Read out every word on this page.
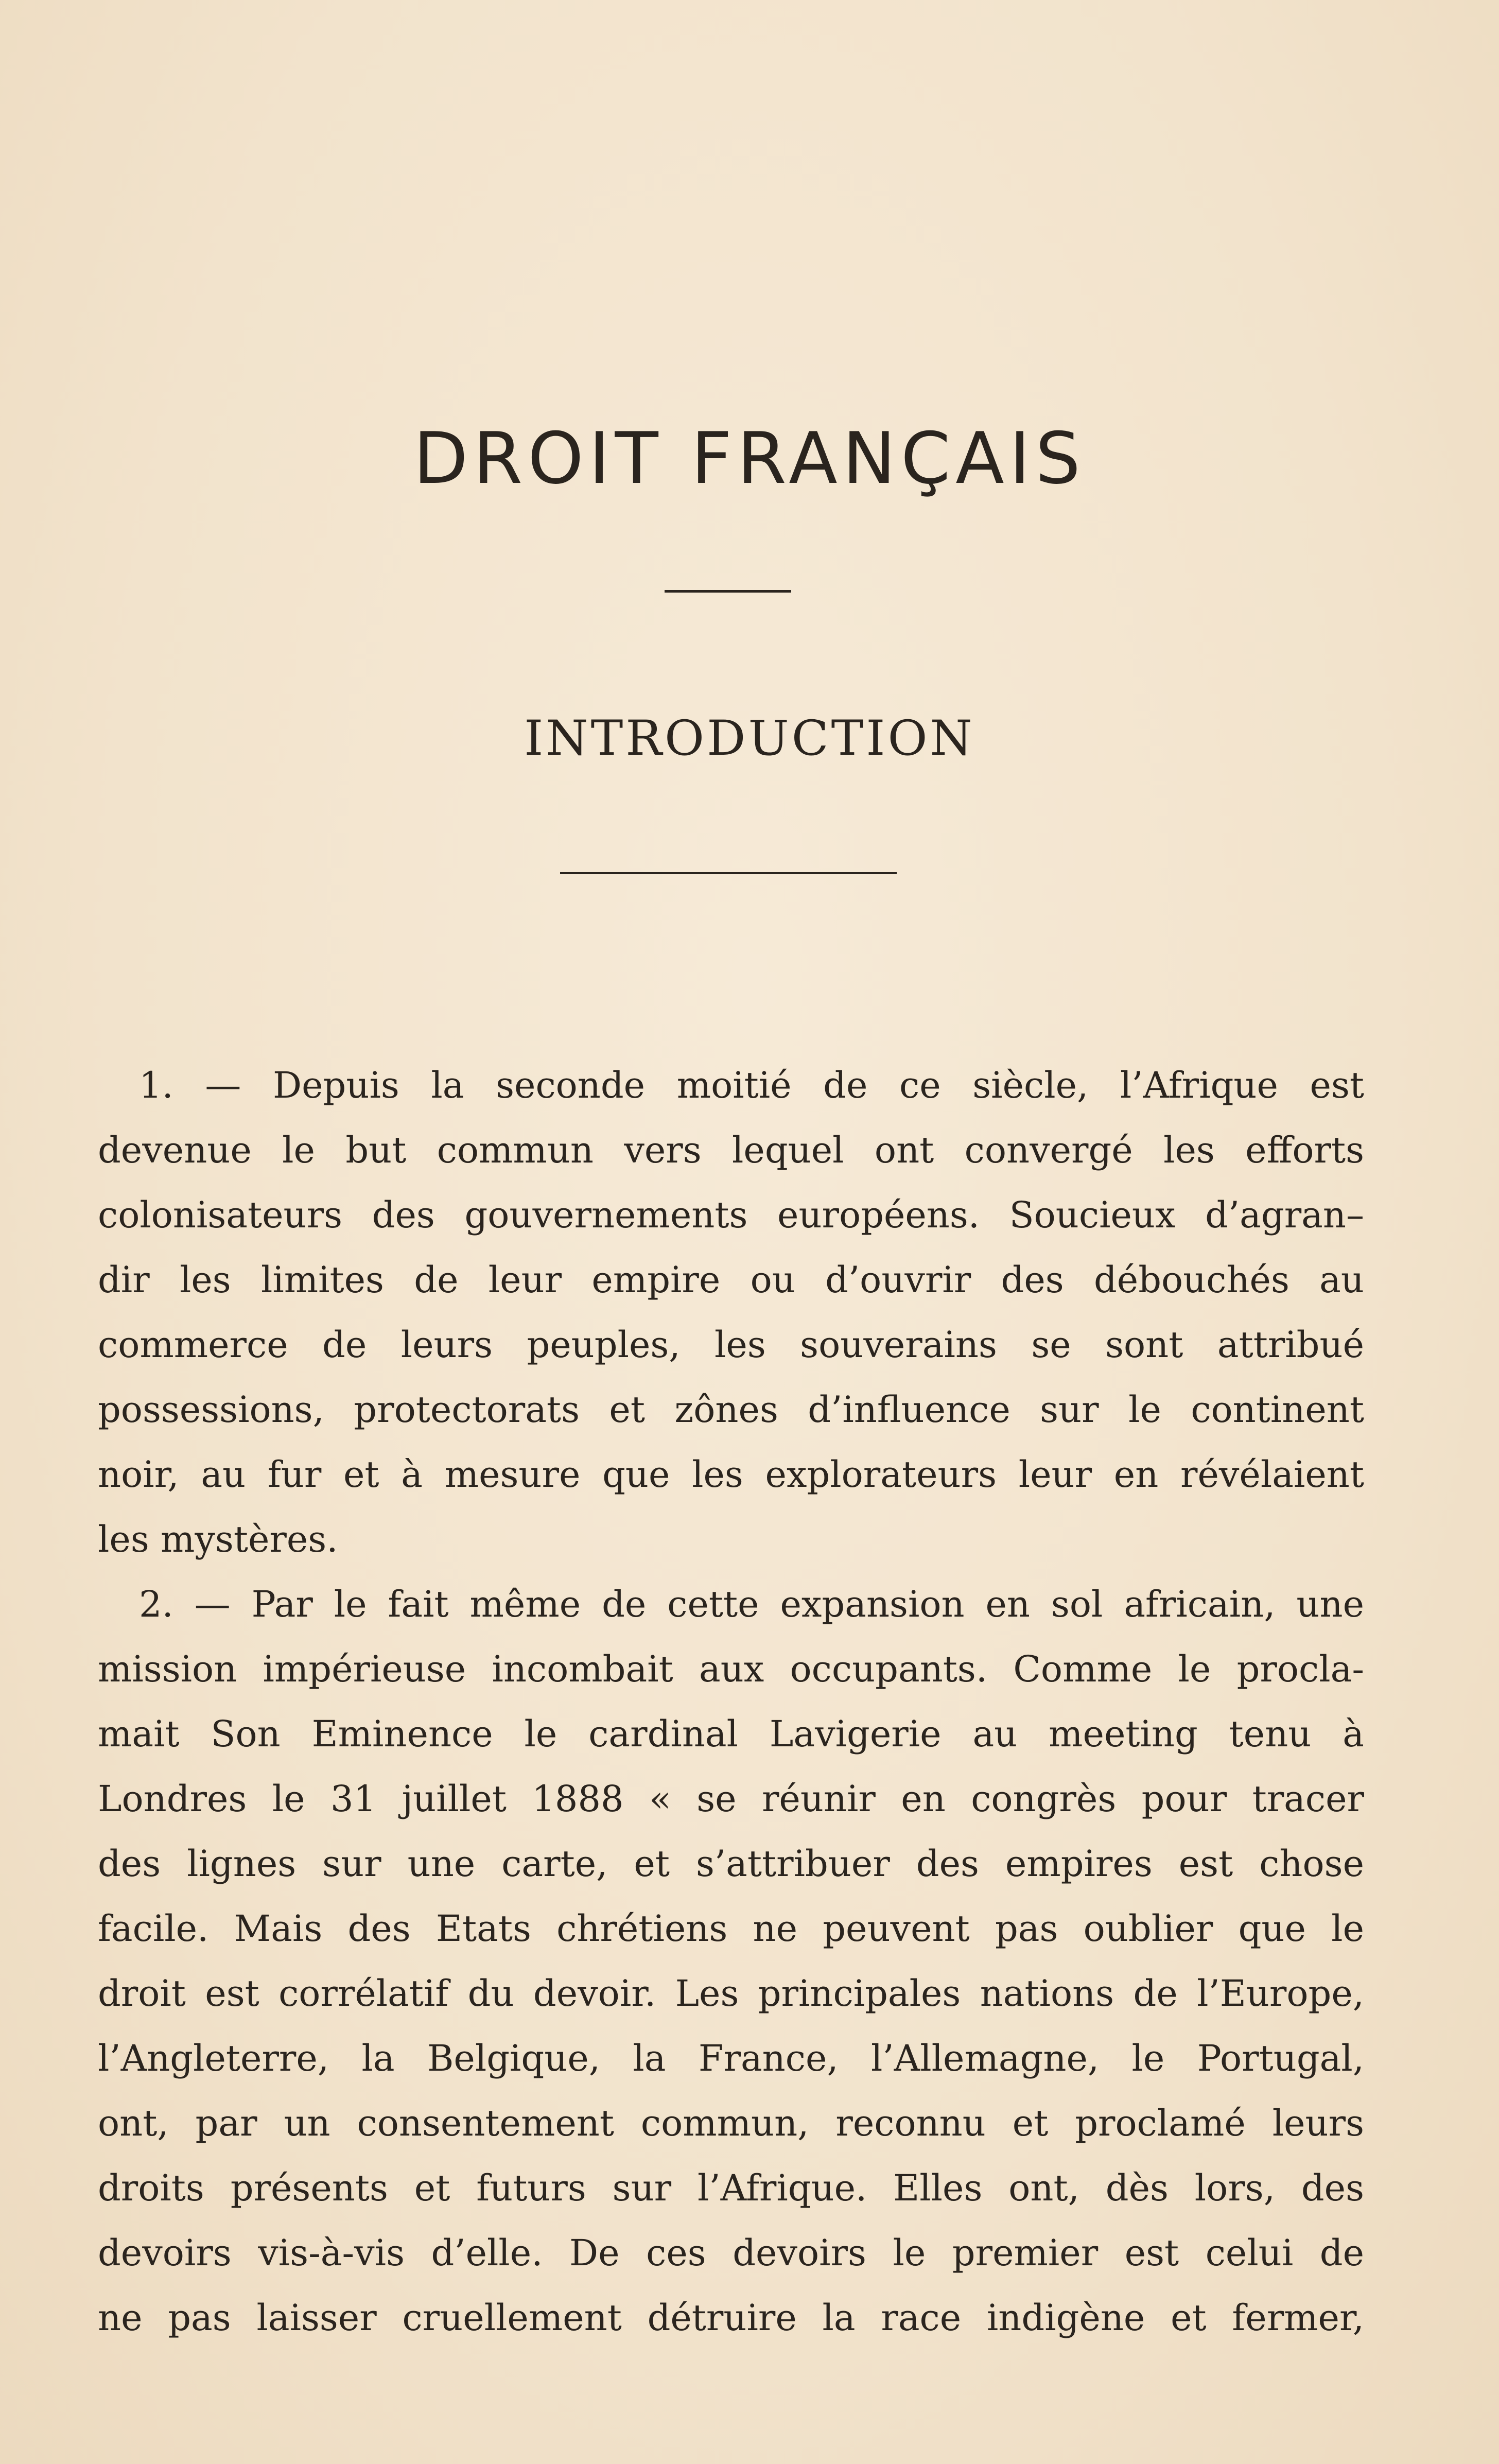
DROIT FRANÇAIS
INTRODUCTION
1. — Depuis la seconde moitié de ce siècle, l’Afrique est
devenue le but commun vers lequel ont convergé les efforts
colonisateurs des gouvernements européens. Soucieux d’agran–
dir les limites de leur empire ou d’ouvrir des débouchés au
commerce de leurs peuples, les souverains se sont attribué
possessions, protectorats et zônes d’influence sur le continent
noir, au fur et à mesure que les explorateurs leur en révélaient
les mystères.
2. — Par le fait même de cette expansion en sol africain, une
mission impérieuse incombait aux occupants. Comme le procla-
mait Son Eminence le cardinal Lavigerie au meeting tenu à
Londres le 31 juillet 1888 « se réunir en congrès pour tracer
des lignes sur une carte, et s’attribuer des empires est chose
facile. Mais des Etats chrétiens ne peuvent pas oublier que le
droit est corrélatif du devoir. Les principales nations de l’Europe,
l’Angleterre, la Belgique, la France, l’Allemagne, le Portugal,
ont, par un consentement commun, reconnu et proclamé leurs
droits présents et futurs sur l’Afrique. Elles ont, dès lors, des
devoirs vis-à-vis d’elle. De ces devoirs le premier est celui de
ne pas laisser cruellement détruire la race indigène et fermer,
